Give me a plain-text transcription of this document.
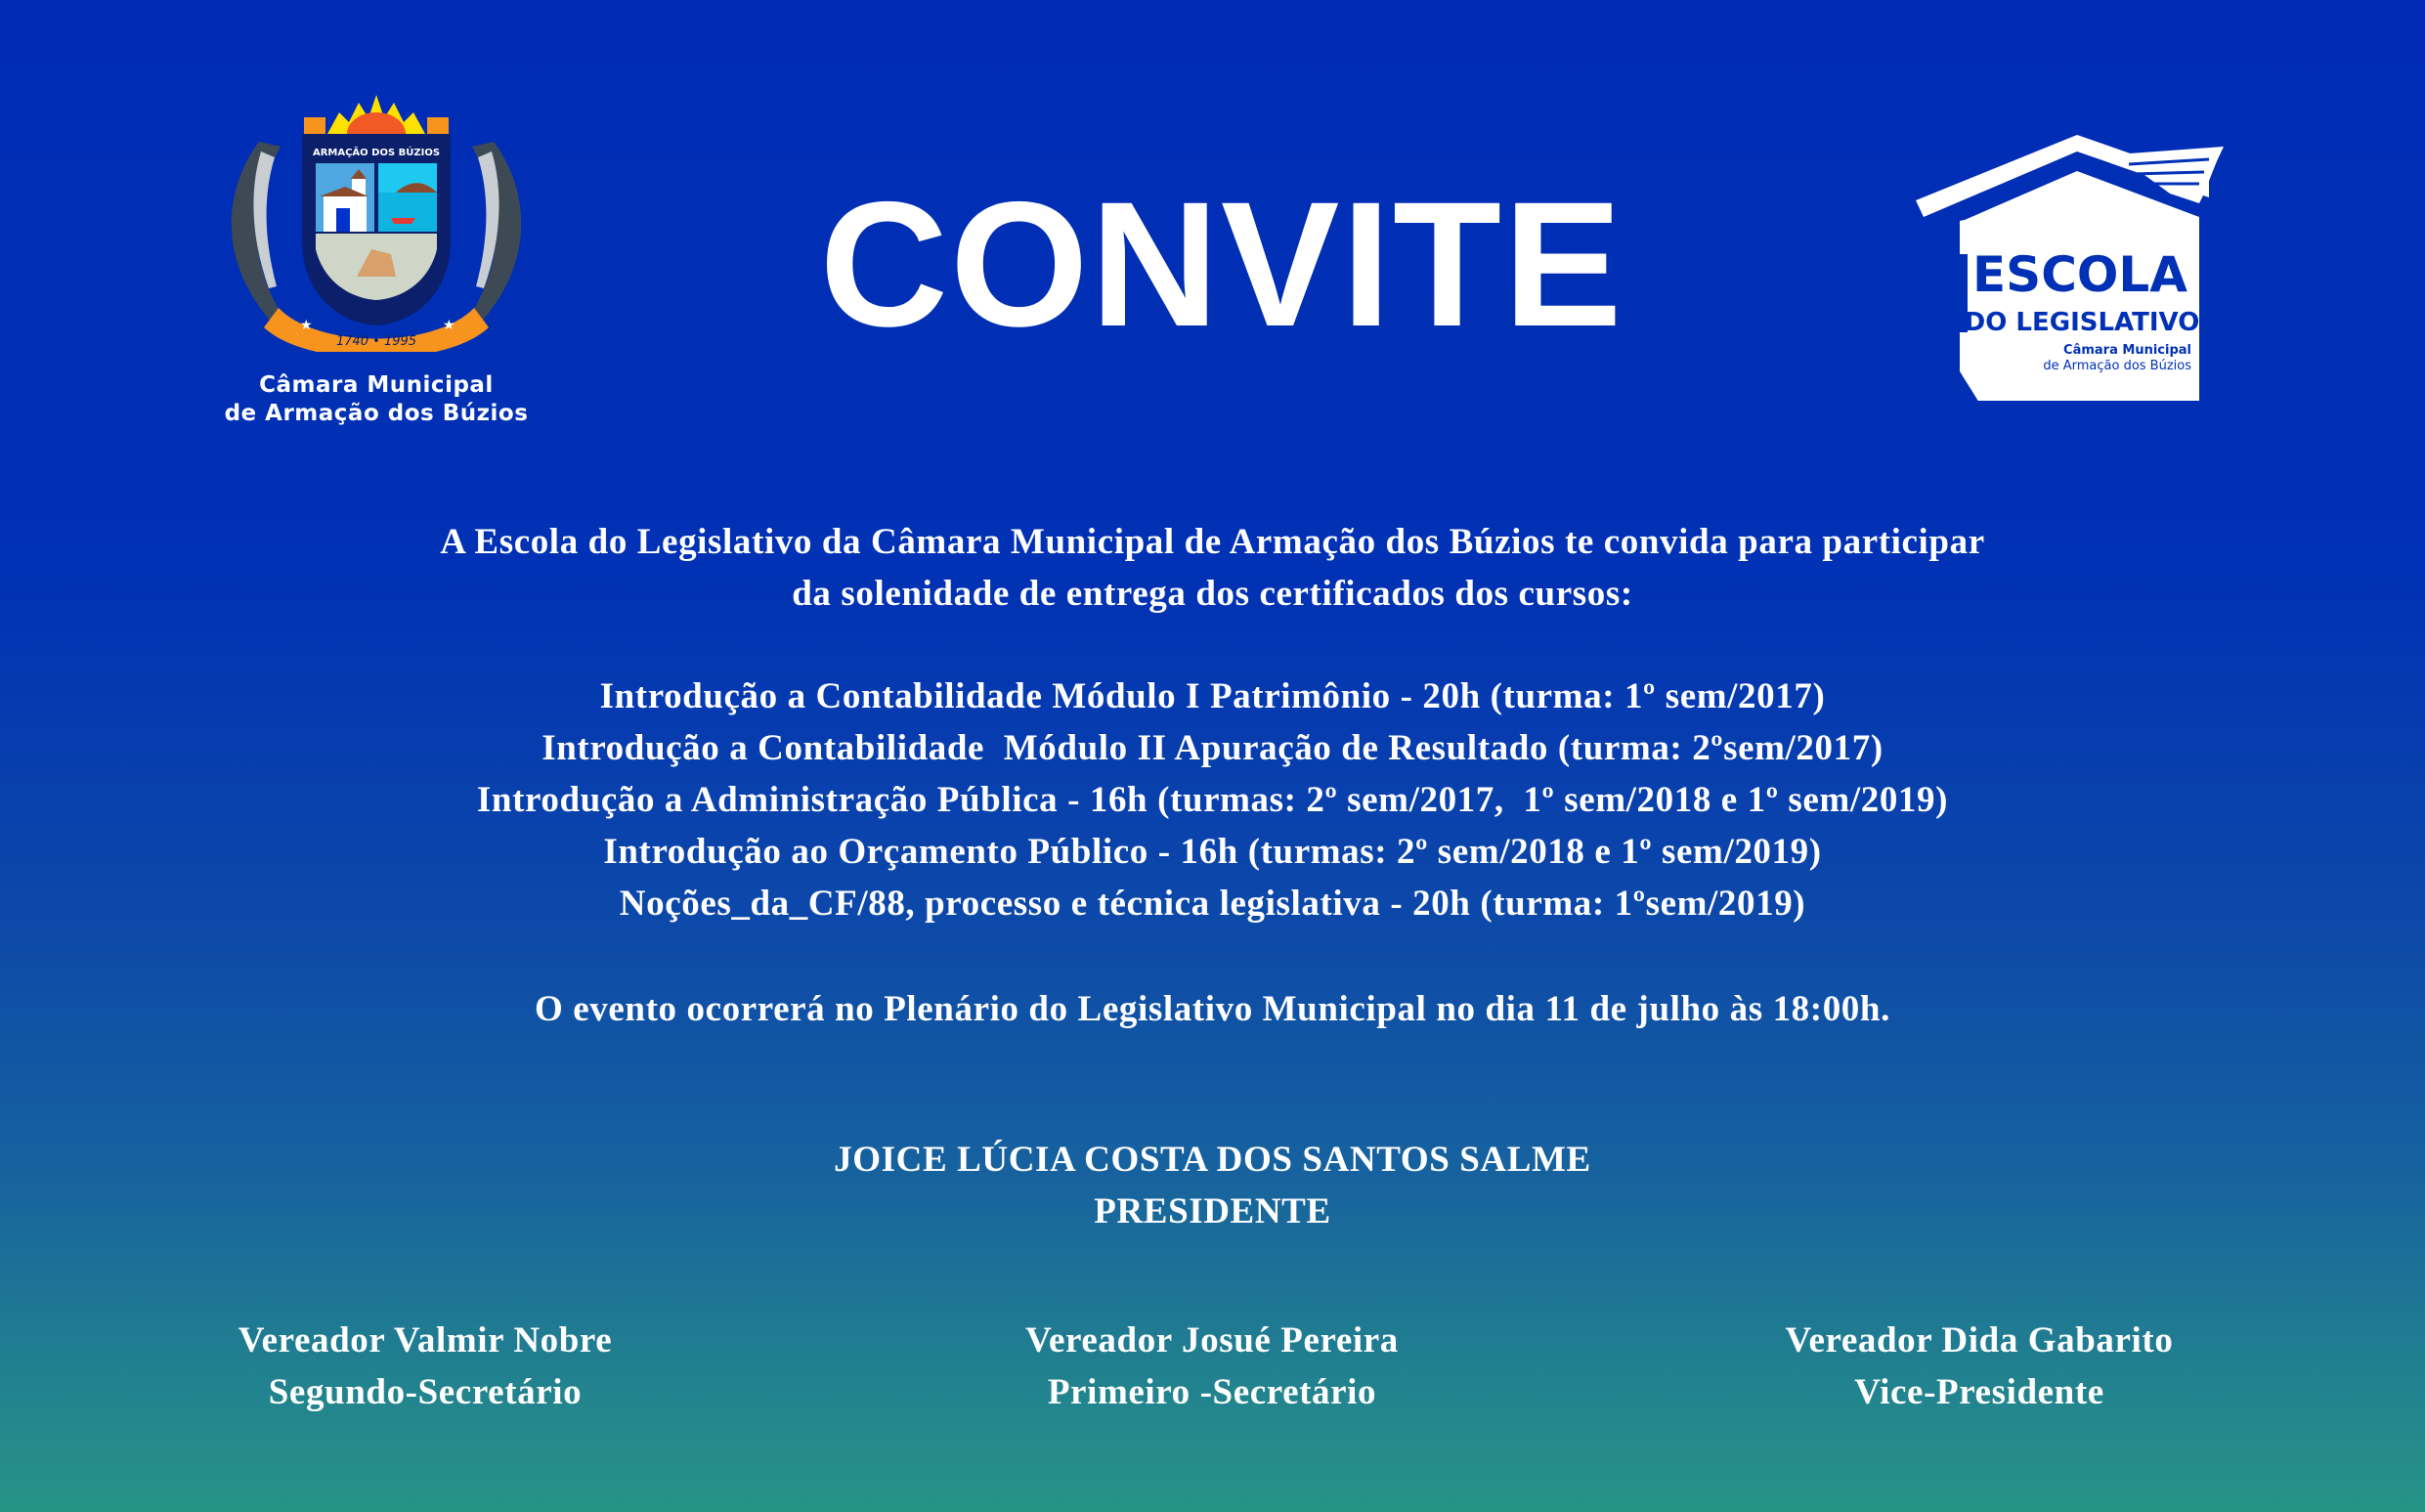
ARMAÇÃO DOS BÚZIOS
1740 • 1995
★	★
Câmara Municipal
de Armação dos Búzios
CONVITE	ESCOLA
DO LEGISLATIVO
Câmara Municipal
de Armação dos Búzios
A Escola do Legislativo da Câmara Municipal de Armação dos Búzios te convida para participar
da solenidade de entrega dos certificados dos cursos:
Introdução a Contabilidade Módulo I Patrimônio - 20h (turma: 1º sem/2017)
Introdução a Contabilidade  Módulo II Apuração de Resultado (turma: 2ºsem/2017)
Introdução a Administração Pública - 16h (turmas: 2º sem/2017,  1º sem/2018 e 1º sem/2019)
Introdução ao Orçamento Público - 16h (turmas: 2º sem/2018 e 1º sem/2019)
Noções_da_CF/88, processo e técnica legislativa - 20h (turma: 1ºsem/2019)
O evento ocorrerá no Plenário do Legislativo Municipal no dia 11 de julho às 18:00h.
JOICE LÚCIA COSTA DOS SANTOS SALME
PRESIDENTE
Vereador Valmir Nobre
Segundo-Secretário
Vereador Josué Pereira
Primeiro -Secretário
Vereador Dida Gabarito
Vice-Presidente
